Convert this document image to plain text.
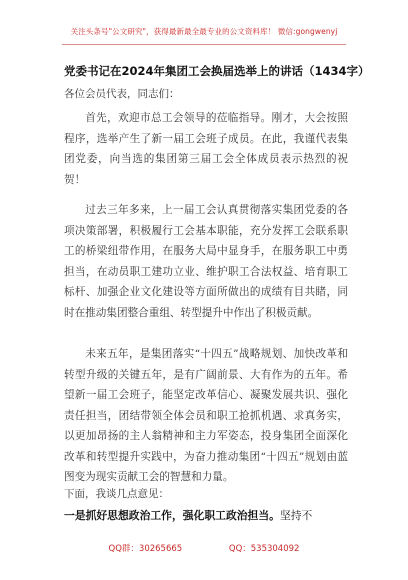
关注头条号"公文研究"，获得最新最全最专业的公文资料库！ 微信:gongwenyj
党委书记在2024年集团工会换届选举上的讲话（1434字）
各位会员代表，同志们：

首先，欢迎市总工会领导的莅临指导。刚才，大会按照程序，选举产生了新一届工会班子成员。在此，我谨代表集团党委，向当选的集团第三届工会全体成员表示热烈的祝贺！

过去三年多来，上一届工会认真贯彻落实集团党委的各项决策部署，积极履行工会基本职能，充分发挥工会联系职工的桥梁纽带作用，在服务大局中显身手，在服务职工中勇担当，在动员职工建功立业、维护职工合法权益、培育职工标杆、加强企业文化建设等方面所做出的成绩有目共睹，同时在推动集团整合重组、转型提升中作出了积极贡献。

未来五年，是集团落实“十四五”战略规划、加快改革和转型升级的关键五年，是有广阔前景、大有作为的五年。希望新一届工会班子，能坚定改革信心、凝聚发展共识、强化责任担当，团结带领全体会员和职工抢抓机遇、求真务实，以更加昂扬的主人翁精神和主力军姿态，投身集团全面深化改革和转型提升实践中，为奋力推动集团“十四五”规划由蓝图变为现实贡献工会的智慧和力量。

下面，我谈几点意见：
一是抓好思想政治工作，强化职工政治担当。坚持不
QQ群：30265665	QQ：535304092
